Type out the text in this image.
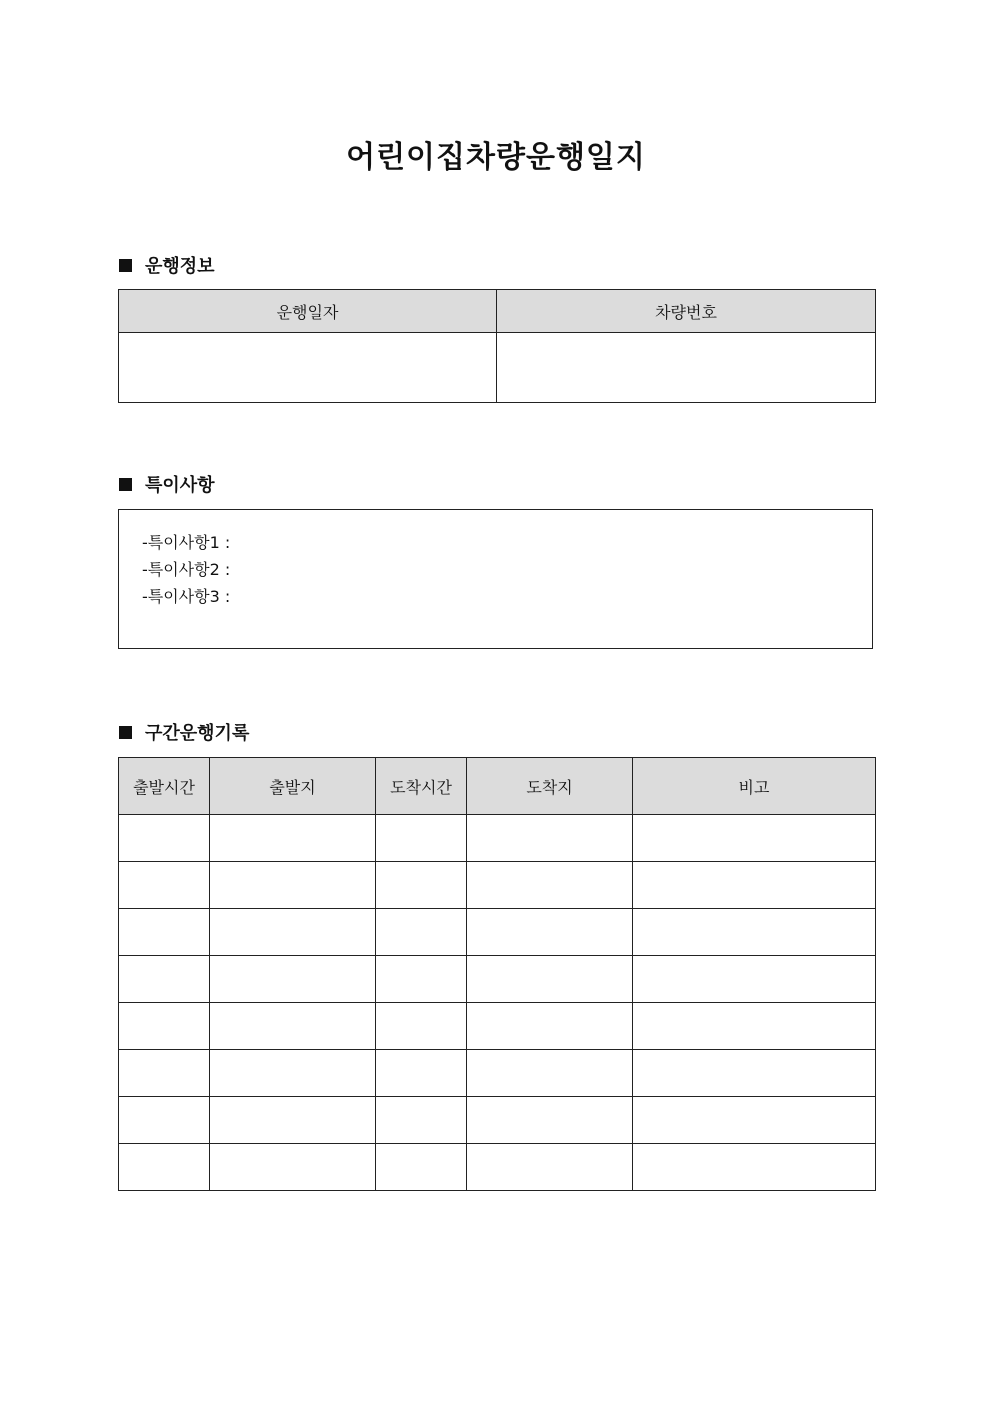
어린이집차량운행일지
운행정보
운행일자	차량번호

특이사항
-특이사항1 :
-특이사항2 :
-특이사항3 :
구간운행기록
출발시간	출발지	도착시간	도착지	비고
